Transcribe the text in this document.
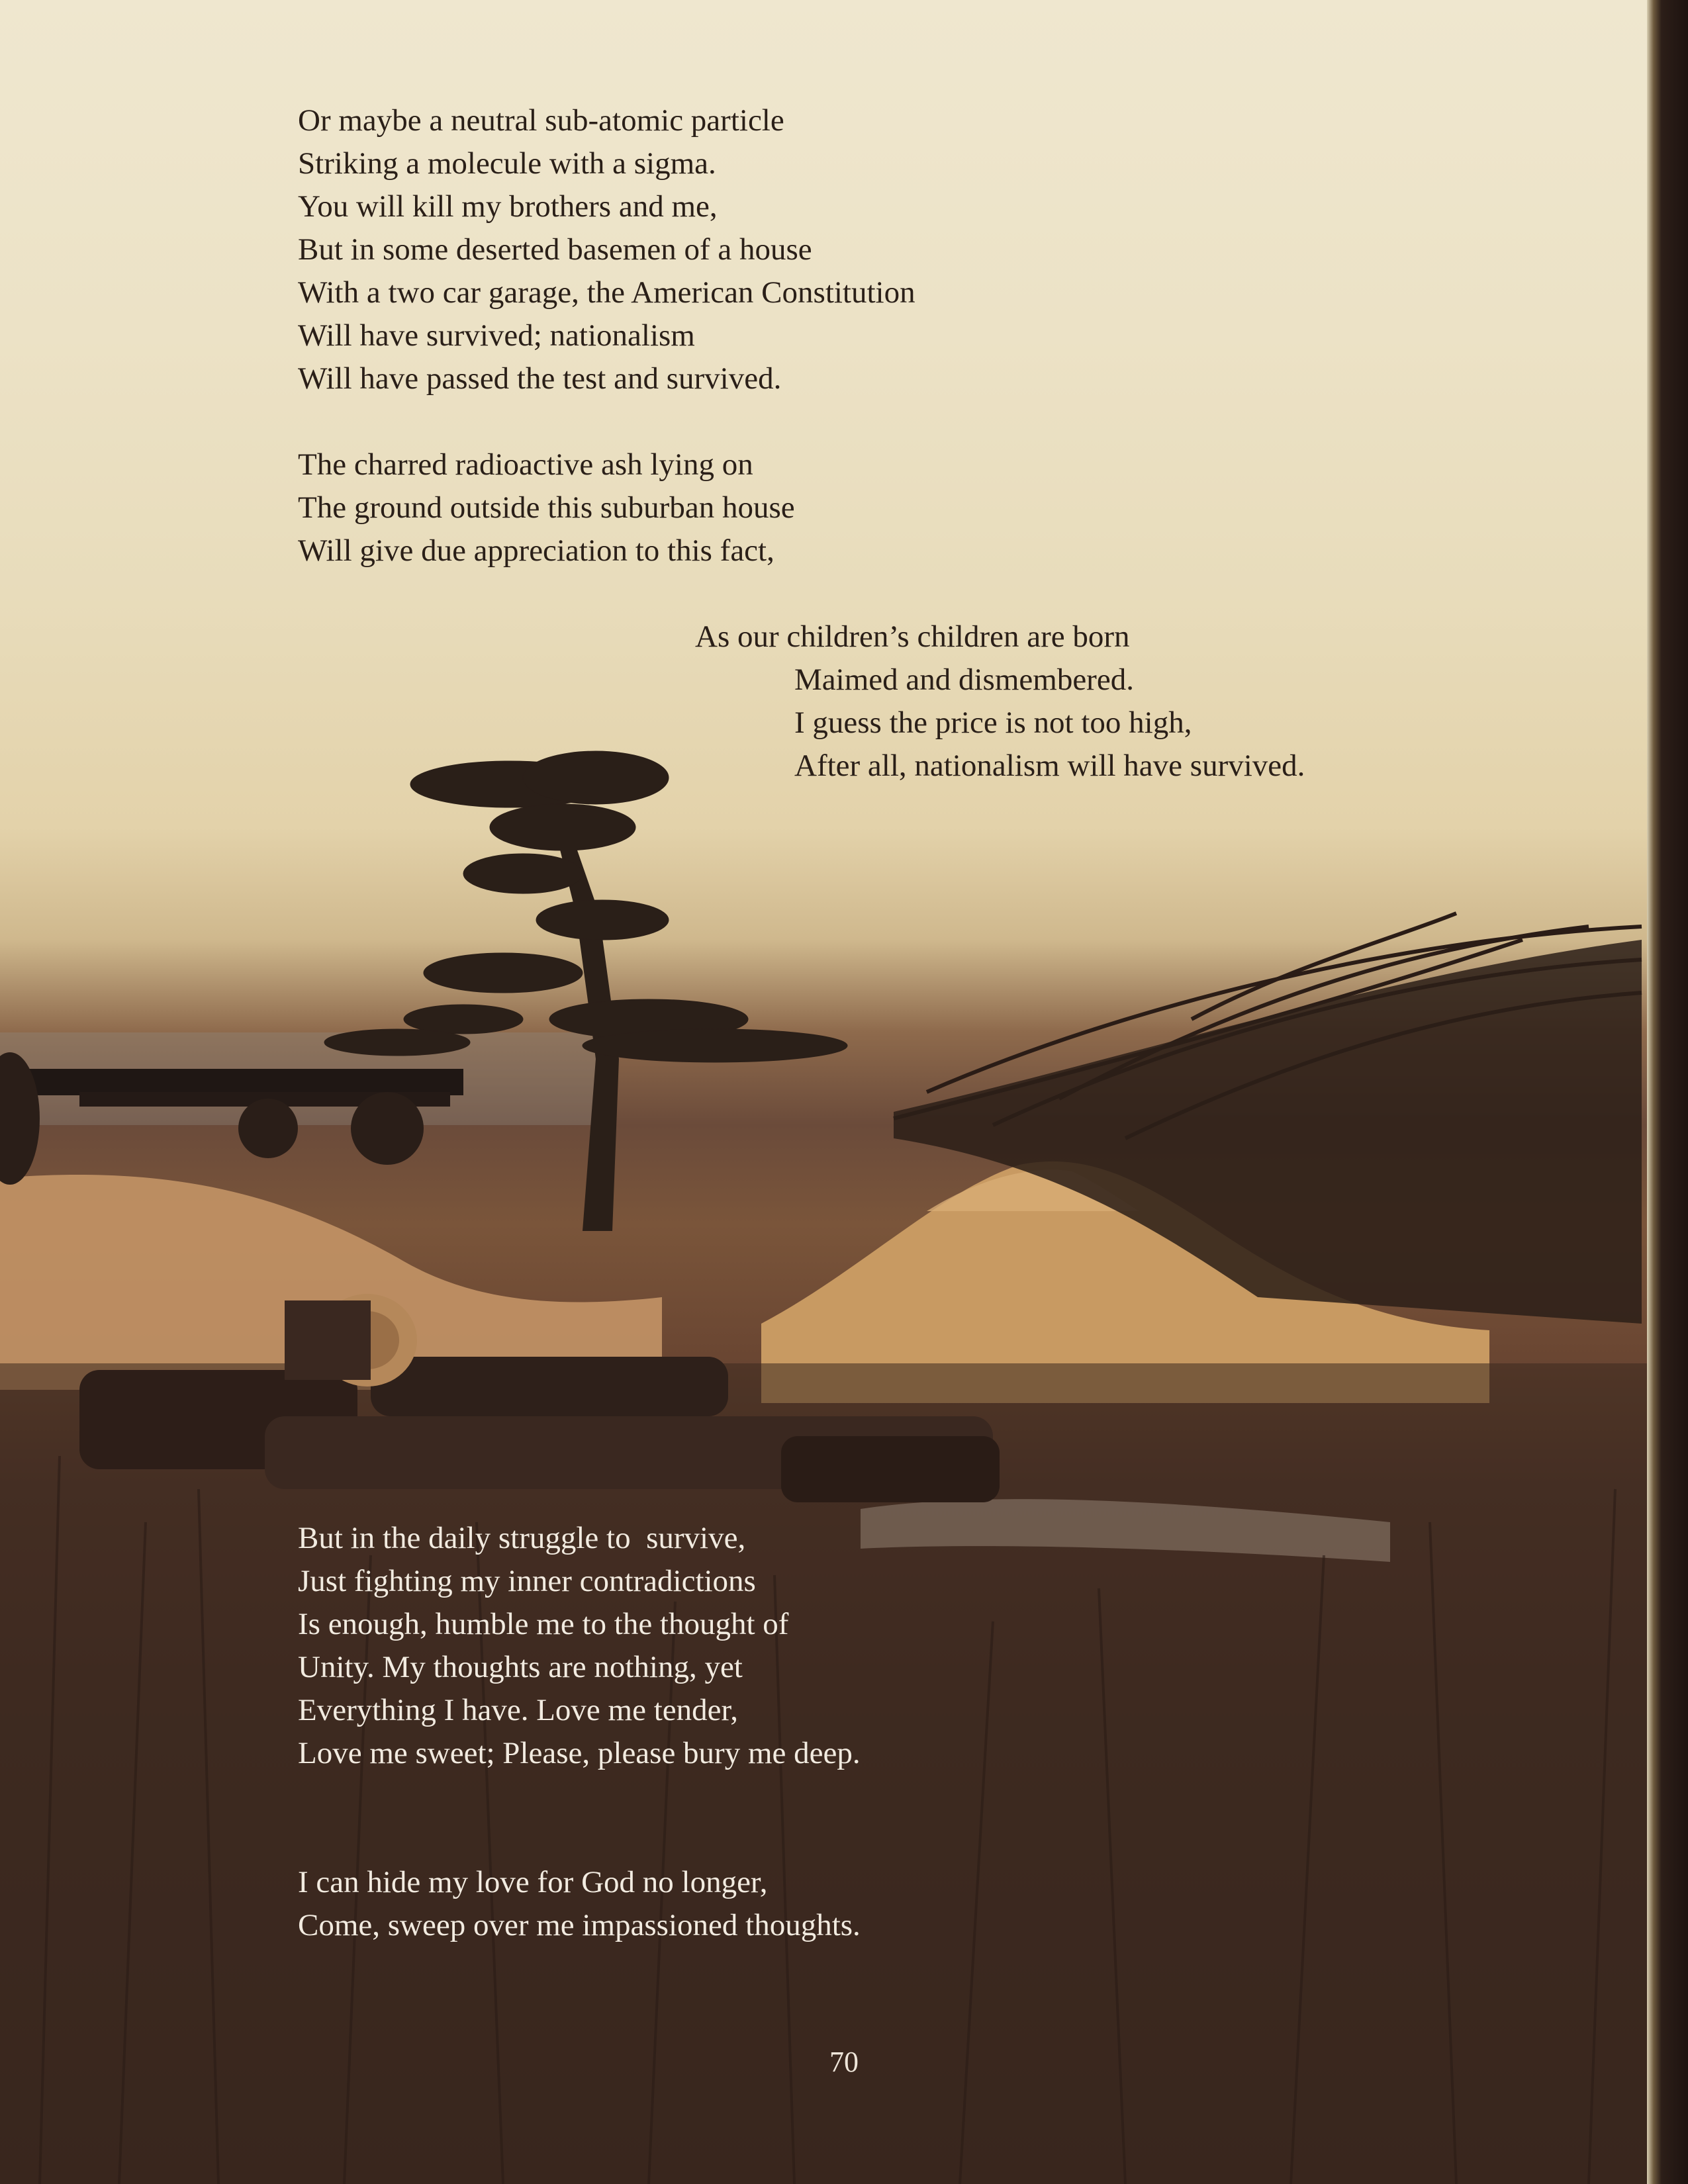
Or maybe a neutral sub-atomic particle
Striking a molecule with a sigma.
You will kill my brothers and me,
But in some deserted basemen of a house
With a two car garage, the American Constitution
Will have survived; nationalism
Will have passed the test and survived.
The charred radioactive ash lying on
The ground outside this suburban house
Will give due appreciation to this fact,
As our children’s children are born
Maimed and dismembered.
I guess the price is not too high,
After all, nationalism will have survived.
But in the daily struggle to  survive,
Just fighting my inner contradictions
Is enough, humble me to the thought of
Unity. My thoughts are nothing, yet
Everything I have. Love me tender,
Love me sweet; Please, please bury me deep.
I can hide my love for God no longer,
Come, sweep over me impassioned thoughts.
70
